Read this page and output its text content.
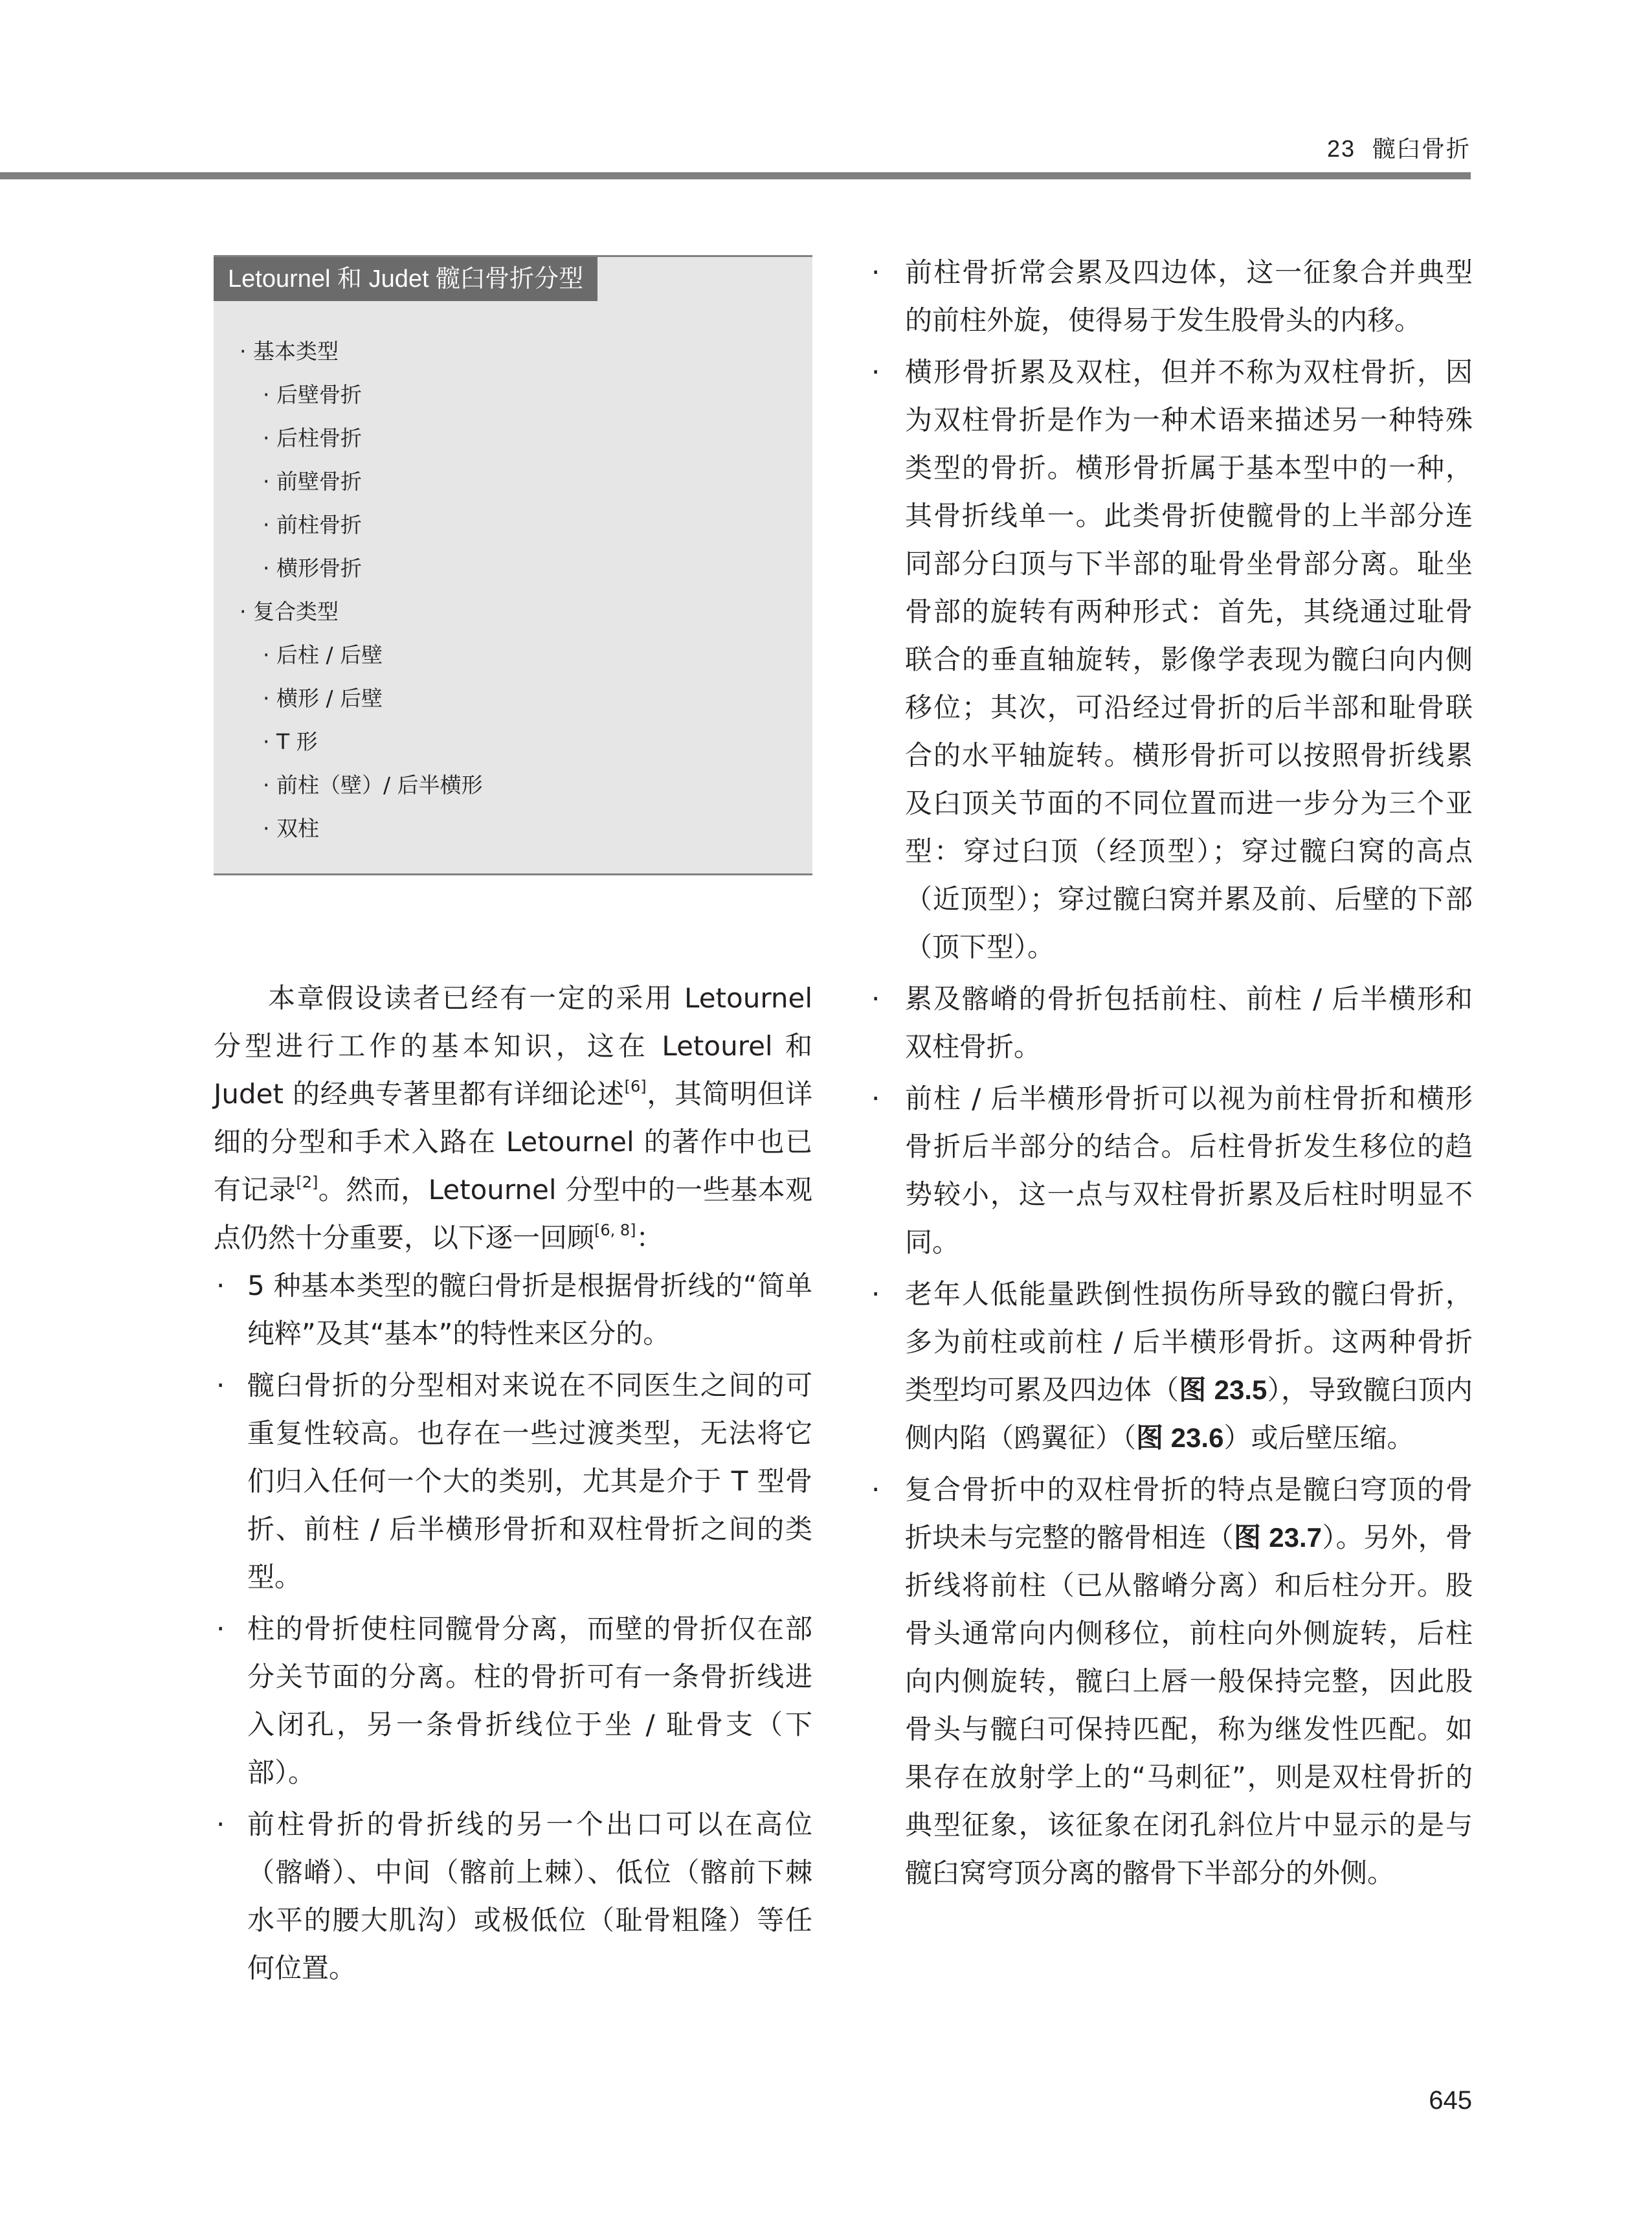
23 髋臼骨折
Letournel 和 Judet 髋臼骨折分型
· 基本类型
· 后壁骨折
· 后柱骨折
· 前壁骨折
· 前柱骨折
· 横形骨折
· 复合类型
· 后柱 / 后壁
· 横形 / 后壁
· T 形
· 前柱（壁）/ 后半横形
· 双柱

本章假设读者已经有一定的采用 Letournel 分型进行工作的基本知识，这在 Letourel 和 Judet 的经典专著里都有详细论述[6]，其简明但详细的分型和手术入路在 Letournel 的著作中也已有记录[2]。然而，Letournel 分型中的一些基本观点仍然十分重要，以下逐一回顾[6, 8]：

· 5 种基本类型的髋臼骨折是根据骨折线的“简单纯粹”及其“基本”的特性来区分的。

· 髋臼骨折的分型相对来说在不同医生之间的可重复性较高。也存在一些过渡类型，无法将它们归入任何一个大的类别，尤其是介于 T 型骨折、前柱 / 后半横形骨折和双柱骨折之间的类型。

· 柱的骨折使柱同髋骨分离，而壁的骨折仅在部分关节面的分离。柱的骨折可有一条骨折线进入闭孔，另一条骨折线位于坐 / 耻骨支（下部）。

· 前柱骨折的骨折线的另一个出口可以在高位（髂嵴）、中间（髂前上棘）、低位（髂前下棘水平的腰大肌沟）或极低位（耻骨粗隆）等任何位置。

· 前柱骨折常会累及四边体，这一征象合并典型的前柱外旋，使得易于发生股骨头的内移。

· 横形骨折累及双柱，但并不称为双柱骨折，因为双柱骨折是作为一种术语来描述另一种特殊类型的骨折。横形骨折属于基本型中的一种，其骨折线单一。此类骨折使髋骨的上半部分连同部分臼顶与下半部的耻骨坐骨部分离。耻坐骨部的旋转有两种形式：首先，其绕通过耻骨联合的垂直轴旋转，影像学表现为髋臼向内侧移位；其次，可沿经过骨折的后半部和耻骨联合的水平轴旋转。横形骨折可以按照骨折线累及臼顶关节面的不同位置而进一步分为三个亚型：穿过臼顶（经顶型）；穿过髋臼窝的高点（近顶型）；穿过髋臼窝并累及前、后壁的下部（顶下型）。

· 累及髂嵴的骨折包括前柱、前柱 / 后半横形和双柱骨折。

· 前柱 / 后半横形骨折可以视为前柱骨折和横形骨折后半部分的结合。后柱骨折发生移位的趋势较小，这一点与双柱骨折累及后柱时明显不同。

· 老年人低能量跌倒性损伤所导致的髋臼骨折，多为前柱或前柱 / 后半横形骨折。这两种骨折类型均可累及四边体（图 23.5），导致髋臼顶内侧内陷（鸥翼征）（图 23.6）或后壁压缩。

· 复合骨折中的双柱骨折的特点是髋臼穹顶的骨折块未与完整的髂骨相连（图 23.7）。另外，骨折线将前柱（已从髂嵴分离）和后柱分开。股骨头通常向内侧移位，前柱向外侧旋转，后柱向内侧旋转，髋臼上唇一般保持完整，因此股骨头与髋臼可保持匹配，称为继发性匹配。如果存在放射学上的“马刺征”，则是双柱骨折的典型征象，该征象在闭孔斜位片中显示的是与髋臼窝穹顶分离的髂骨下半部分的外侧。

645
